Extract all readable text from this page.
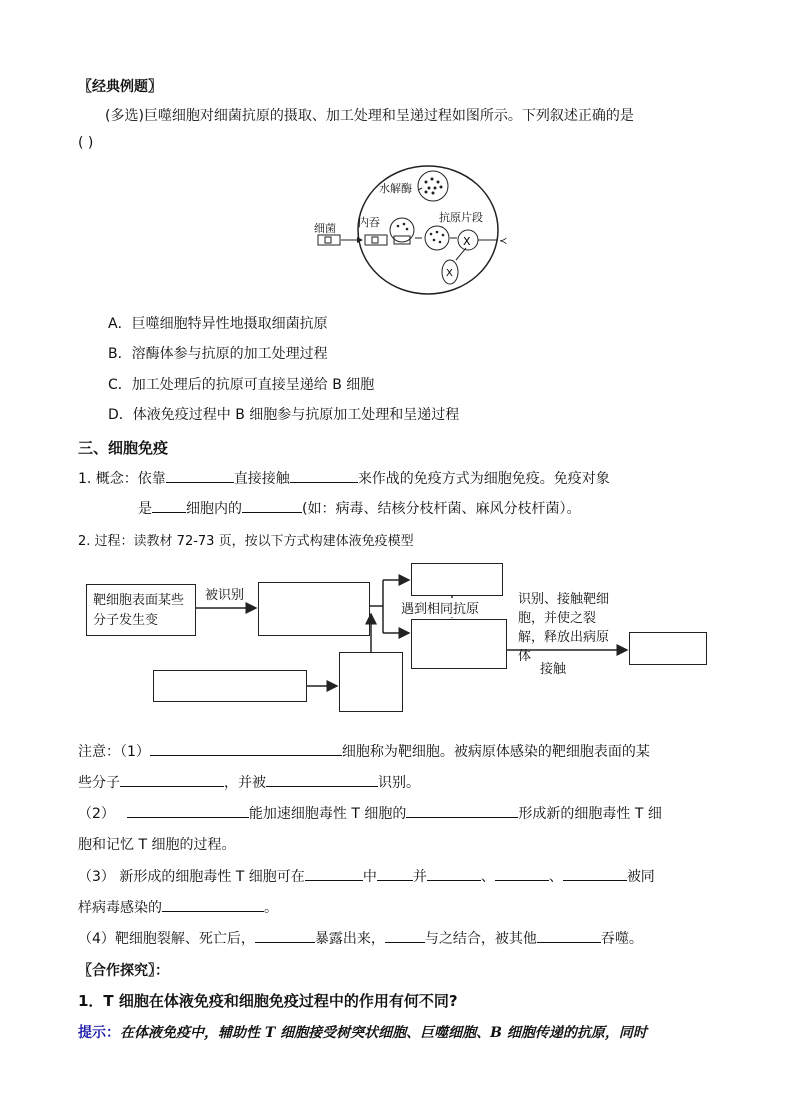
〖经典例题〗
(多选)巨噬细胞对细菌抗原的摄取、加工处理和呈递过程如图所示。下列叙述正确的是
( )
X	≺
X
细菌 内吞
水解酶
抗原片段
A．巨噬细胞特异性地摄取细菌抗原
B．溶酶体参与抗原的加工处理过程
C．加工处理后的抗原可直接呈递给 B 细胞
D．体液免疫过程中 B 细胞参与抗原加工处理和呈递过程
三、细胞免疫
1. 概念：依靠	直接接触	来作战的免疫方式为细胞免疫。免疫对象
是 细胞内的	(如：病毒、结核分枝杆菌、麻风分枝杆菌）。
2. 过程：读教材 72-73 页，按以下方式构建体液免疫模型
靶细胞表面某些分子发生变
被识别
遇到相同抗原
识别、接触靶细胞，并使之裂解，释放出病原体
接触
注意：（1）	细胞称为靶细胞。被病原体感染的靶细胞表面的某
些分子	，并被	识别。
（2）	能加速细胞毒性 T 细胞的	形成新的细胞毒性 T 细
胞和记忆 T 细胞的过程。
（3） 新形成的细胞毒性 T 细胞可在	中	并	、	、	被同
样病毒感染的	。
（4）靶细胞裂解、死亡后，	暴露出来，	与之结合，被其他	吞噬。
〖合作探究〗：
1．T 细胞在体液免疫和细胞免疫过程中的作用有何不同?
提示：在体液免疫中，辅助性 T 细胞接受树突状细胞、巨噬细胞、B 细胞传递的抗原，同时
